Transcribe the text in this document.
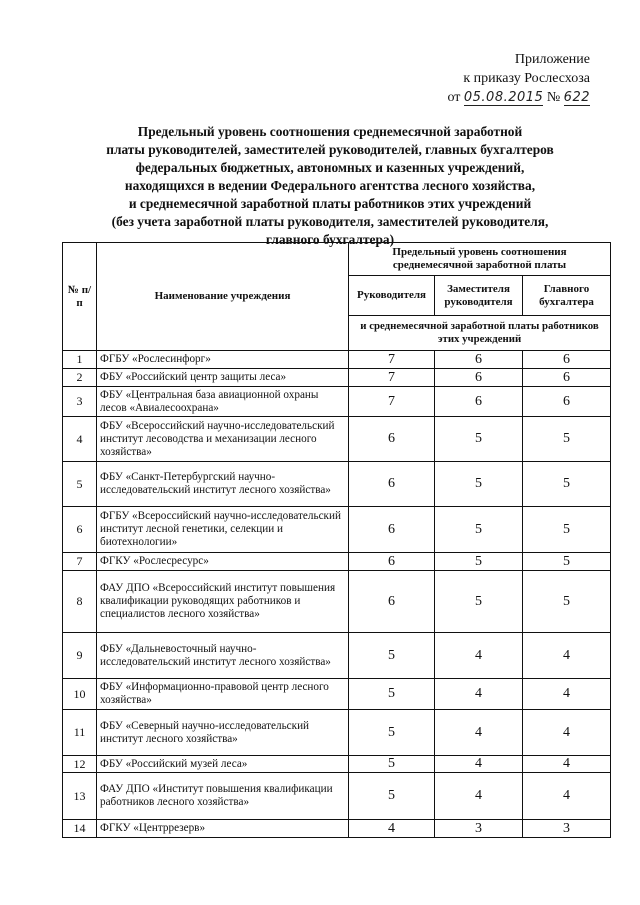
Приложение
к приказу Рослесхоза
от 05.08.2015 № 622
Предельный уровень соотношения среднемесячной заработной
платы руководителей, заместителей руководителей, главных бухгалтеров
федеральных бюджетных, автономных и казенных учреждений,
находящихся в ведении Федерального агентства лесного хозяйства,
и среднемесячной заработной платы работников этих учреждений
(без учета заработной платы руководителя, заместителей руководителя,
главного бухгалтера)
№ п/п	Наименование учреждения	Предельный уровень соотношения среднемесячной заработной платы		
		Руководителя	Заместителя руководителя	Главного бухгалтера
		и среднемесячной заработной платы работников этих учреждений		
1	ФГБУ «Рослесинфорг»	7	6	6
2	ФБУ «Российский центр защиты леса»	7	6	6
3	ФБУ «Центральная база авиационной охраны лесов «Авиалесоохрана»	7	6	6
4	ФБУ «Всероссийский научно-исследовательский институт лесоводства и механизации лесного хозяйства»	6	5	5
5	ФБУ «Санкт-Петербургский научно-исследовательский институт лесного хозяйства»	6	5	5
6	ФГБУ «Всероссийский научно-исследовательский институт лесной генетики, селекции и биотехнологии»	6	5	5
7	ФГКУ «Рослесресурс»	6	5	5
8	ФАУ ДПО «Всероссийский институт повышения квалификации руководящих работников и специалистов лесного хозяйства»	6	5	5
9	ФБУ «Дальневосточный научно-исследовательский институт лесного хозяйства»	5	4	4
10	ФБУ «Информационно-правовой центр лесного хозяйства»	5	4	4
11	ФБУ «Северный научно-исследовательский институт лесного хозяйства»	5	4	4
12	ФБУ «Российский музей леса»	5	4	4
13	ФАУ ДПО «Институт повышения квалификации работников лесного хозяйства»	5	4	4
14	ФГКУ «Центррезерв»	4	3	3
